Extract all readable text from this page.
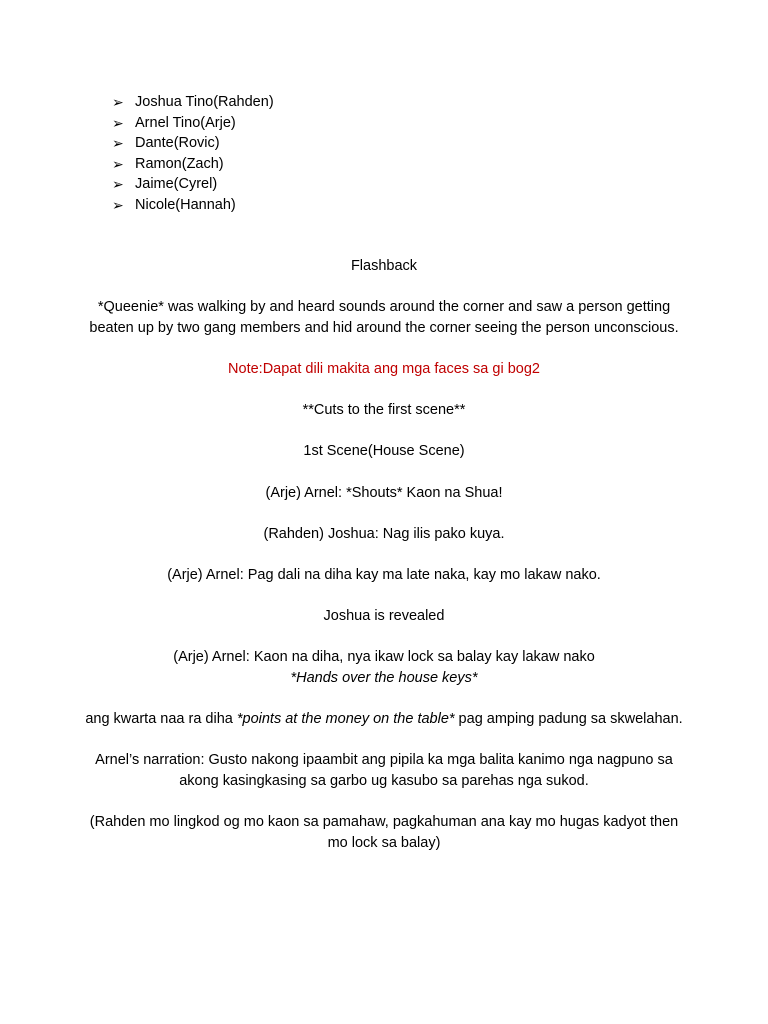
➢ Joshua Tino(Rahden)
➢ Arnel Tino(Arje)
➢ Dante(Rovic)
➢ Ramon(Zach)
➢ Jaime(Cyrel)
➢ Nicole(Hannah)

Flashback

*Queenie* was walking by and heard sounds around the corner and saw a person getting beaten up by two gang members and hid around the corner seeing the person unconscious.

Note:Dapat dili makita ang mga faces sa gi bog2

**Cuts to the first scene**

1st Scene(House Scene)

(Arje) Arnel: *Shouts* Kaon na Shua!

(Rahden) Joshua: Nag ilis pako kuya.

(Arje) Arnel: Pag dali na diha kay ma late naka, kay mo lakaw nako.

Joshua is revealed

(Arje) Arnel: Kaon na diha, nya ikaw lock sa balay kay lakaw nako

*Hands over the house keys*

ang kwarta naa ra diha *points at the money on the table* pag amping padung sa skwelahan.

Arnel’s narration: Gusto nakong ipaambit ang pipila ka mga balita kanimo nga nagpuno sa akong kasingkasing sa garbo ug kasubo sa parehas nga sukod.

(Rahden mo lingkod og mo kaon sa pamahaw, pagkahuman ana kay mo hugas kadyot then mo lock sa balay)
